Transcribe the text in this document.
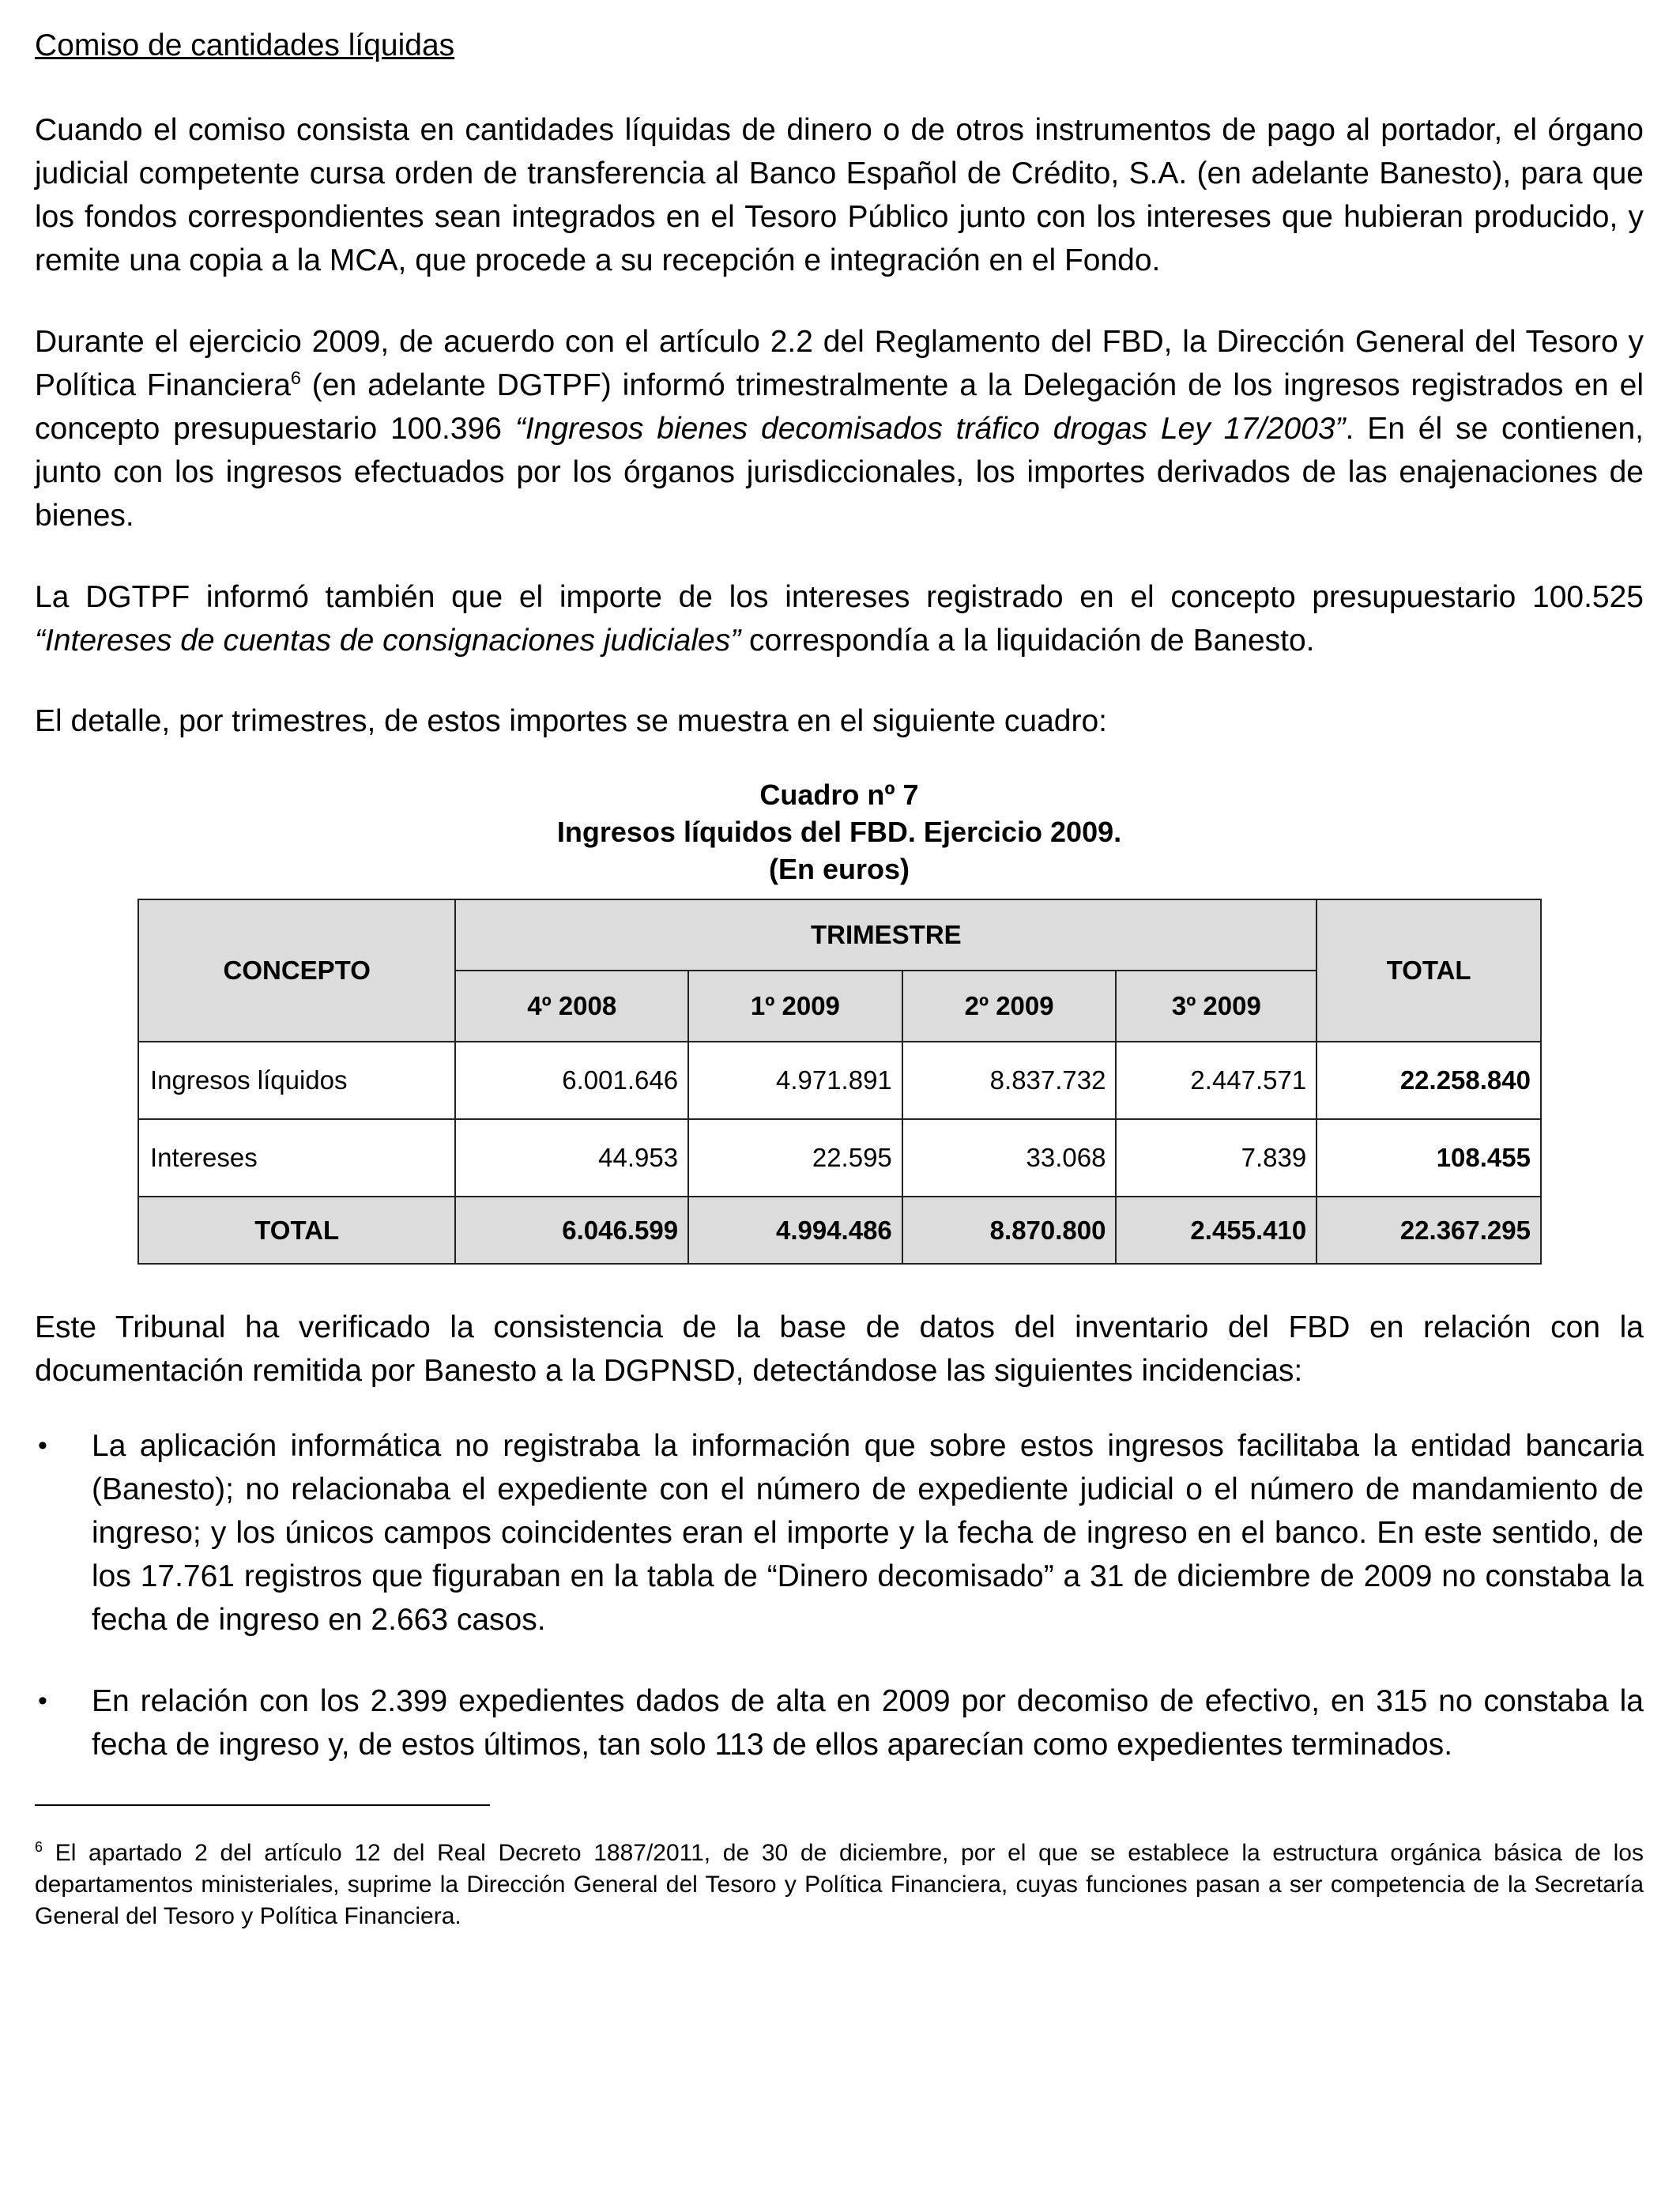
Comiso de cantidades líquidas

Cuando el comiso consista en cantidades líquidas de dinero o de otros instrumentos de pago al portador, el órgano judicial competente cursa orden de transferencia al Banco Español de Crédito, S.A. (en adelante Banesto), para que los fondos correspondientes sean integrados en el Tesoro Público junto con los intereses que hubieran producido, y remite una copia a la MCA, que procede a su recepción e integración en el Fondo.

Durante el ejercicio 2009, de acuerdo con el artículo 2.2 del Reglamento del FBD, la Dirección General del Tesoro y Política Financiera$^6$ (en adelante DGTPF) informó trimestralmente a la Delegación de los ingresos registrados en el concepto presupuestario 100.396 “Ingresos bienes decomisados tráfico drogas Ley 17/2003”. En él se contienen, junto con los ingresos efectuados por los órganos jurisdiccionales, los importes derivados de las enajenaciones de bienes.

La DGTPF informó también que el importe de los intereses registrado en el concepto presupuestario 100.525 “Intereses de cuentas de consignaciones judiciales” correspondía a la liquidación de Banesto.

El detalle, por trimestres, de estos importes se muestra en el siguiente cuadro:

Cuadro nº 7
Ingresos líquidos del FBD. Ejercicio 2009.
(En euros)
CONCEPTO	TRIMESTRE				TOTAL
	4º 2008	1º 2009	2º 2009	3º 2009	
Ingresos líquidos	6.001.646	4.971.891	8.837.732	2.447.571	22.258.840
Intereses	44.953	22.595	33.068	7.839	108.455
TOTAL	6.046.599	4.994.486	8.870.800	2.455.410	22.367.295

Este Tribunal ha verificado la consistencia de la base de datos del inventario del FBD en relación con la documentación remitida por Banesto a la DGPNSD, detectándose las siguientes incidencias:

• La aplicación informática no registraba la información que sobre estos ingresos facilitaba la entidad bancaria (Banesto); no relacionaba el expediente con el número de expediente judicial o el número de mandamiento de ingreso; y los únicos campos coincidentes eran el importe y la fecha de ingreso en el banco. En este sentido, de los 17.761 registros que figuraban en la tabla de “Dinero decomisado” a 31 de diciembre de 2009 no constaba la fecha de ingreso en 2.663 casos.
• En relación con los 2.399 expedientes dados de alta en 2009 por decomiso de efectivo, en 315 no constaba la fecha de ingreso y, de estos últimos, tan solo 113 de ellos aparecían como expedientes terminados.
$^6$ El apartado 2 del artículo 12 del Real Decreto 1887/2011, de 30 de diciembre, por el que se establece la estructura orgánica básica de los departamentos ministeriales, suprime la Dirección General del Tesoro y Política Financiera, cuyas funciones pasan a ser competencia de la Secretaría General del Tesoro y Política Financiera.
